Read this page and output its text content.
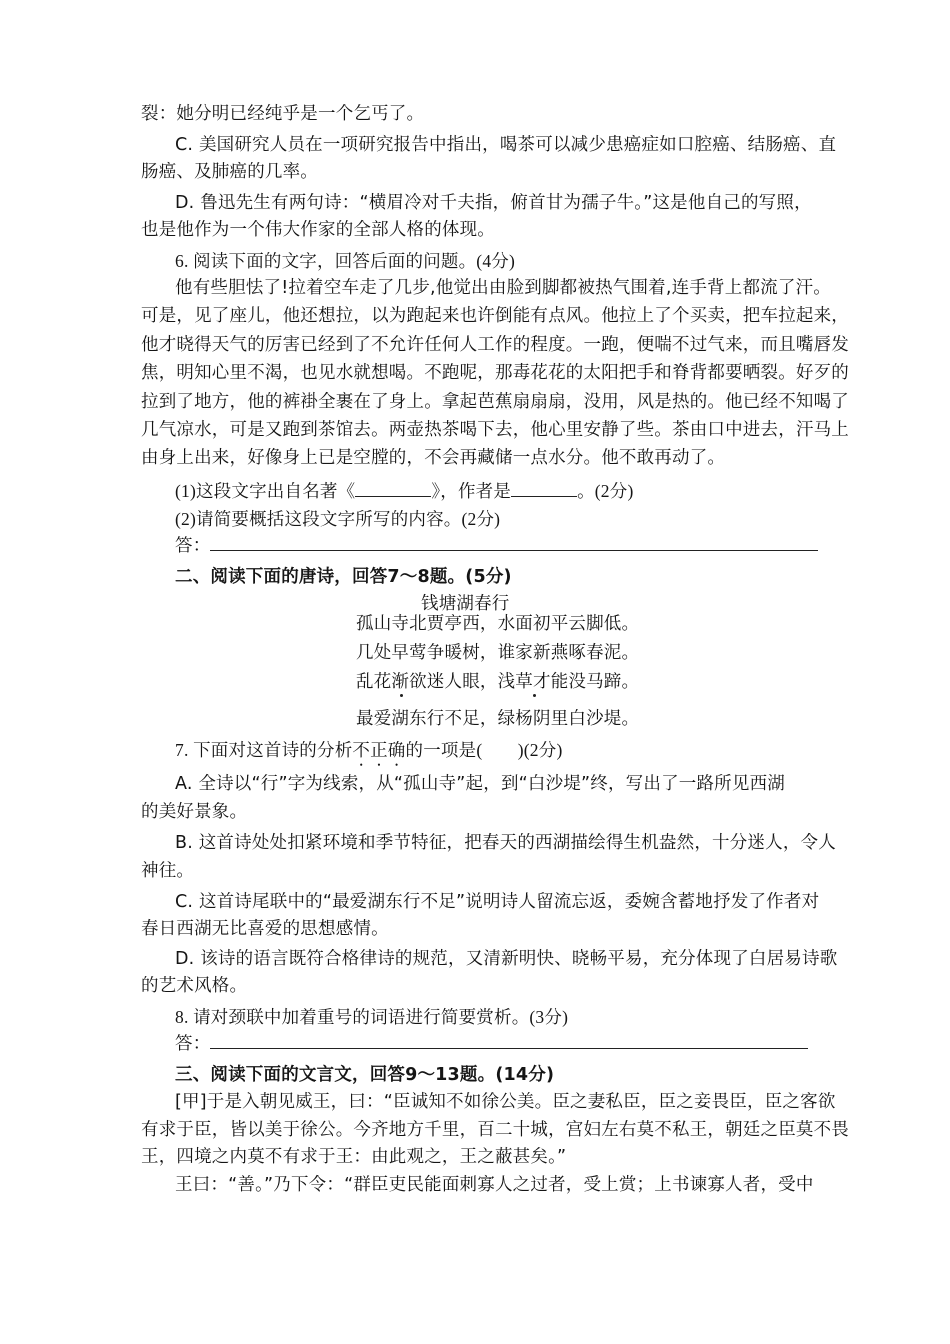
裂：她分明已经纯乎是一个乞丐了。
C. 美国研究人员在一项研究报告中指出，喝茶可以减少患癌症如口腔癌、结肠癌、直
肠癌、及肺癌的几率。
D. 鲁迅先生有两句诗：“横眉冷对千夫指，俯首甘为孺子牛。”这是他自己的写照，
也是他作为一个伟大作家的全部人格的体现。
6. 阅读下面的文字，回答后面的问题。(4分)
他有些胆怯了!拉着空车走了几步,他觉出由脸到脚都被热气围着,连手背上都流了汗。
可是，见了座儿，他还想拉，以为跑起来也许倒能有点风。他拉上了个买卖，把车拉起来，
他才晓得天气的厉害已经到了不允许任何人工作的程度。一跑，便喘不过气来，而且嘴唇发
焦，明知心里不渴，也见水就想喝。不跑呢，那毒花花的太阳把手和脊背都要晒裂。好歹的
拉到了地方，他的裤褂全裹在了身上。拿起芭蕉扇扇扇，没用，风是热的。他已经不知喝了
几气凉水，可是又跑到茶馆去。两壶热茶喝下去，他心里安静了些。茶由口中进去，汗马上
由身上出来，好像身上已是空膛的，不会再藏储一点水分。他不敢再动了。
(1)这段文字出自名著《	》，作者是	。(2分)
(2)请简要概括这段文字所写的内容。(2分)
答：
二、阅读下面的唐诗，回答7～8题。(5分)
钱塘湖春行
孤山寺北贾亭西，水面初平云脚低。
几处早莺争暖树，谁家新燕啄春泥。
乱花渐欲迷人眼，浅草才能没马蹄。
最爱湖东行不足，绿杨阴里白沙堤。
7. 下面对这首诗的分析不正确的一项是(　　)(2分)
A. 全诗以“行”字为线索，从“孤山寺”起，到“白沙堤”终，写出了一路所见西湖
的美好景象。
B. 这首诗处处扣紧环境和季节特征，把春天的西湖描绘得生机盎然，十分迷人，令人
神往。
C. 这首诗尾联中的“最爱湖东行不足”说明诗人留流忘返，委婉含蓄地抒发了作者对
春日西湖无比喜爱的思想感情。
D. 该诗的语言既符合格律诗的规范，又清新明快、晓畅平易，充分体现了白居易诗歌
的艺术风格。
8. 请对颈联中加着重号的词语进行简要赏析。(3分)
答：
三、阅读下面的文言文，回答9～13题。(14分)
[甲]于是入朝见威王，曰：“臣诚知不如徐公美。臣之妻私臣，臣之妾畏臣，臣之客欲
有求于臣，皆以美于徐公。今齐地方千里，百二十城，宫妇左右莫不私王，朝廷之臣莫不畏
王，四境之内莫不有求于王：由此观之，王之蔽甚矣。”
王曰：“善。”乃下令：“群臣吏民能面刺寡人之过者，受上赏；上书谏寡人者，受中
